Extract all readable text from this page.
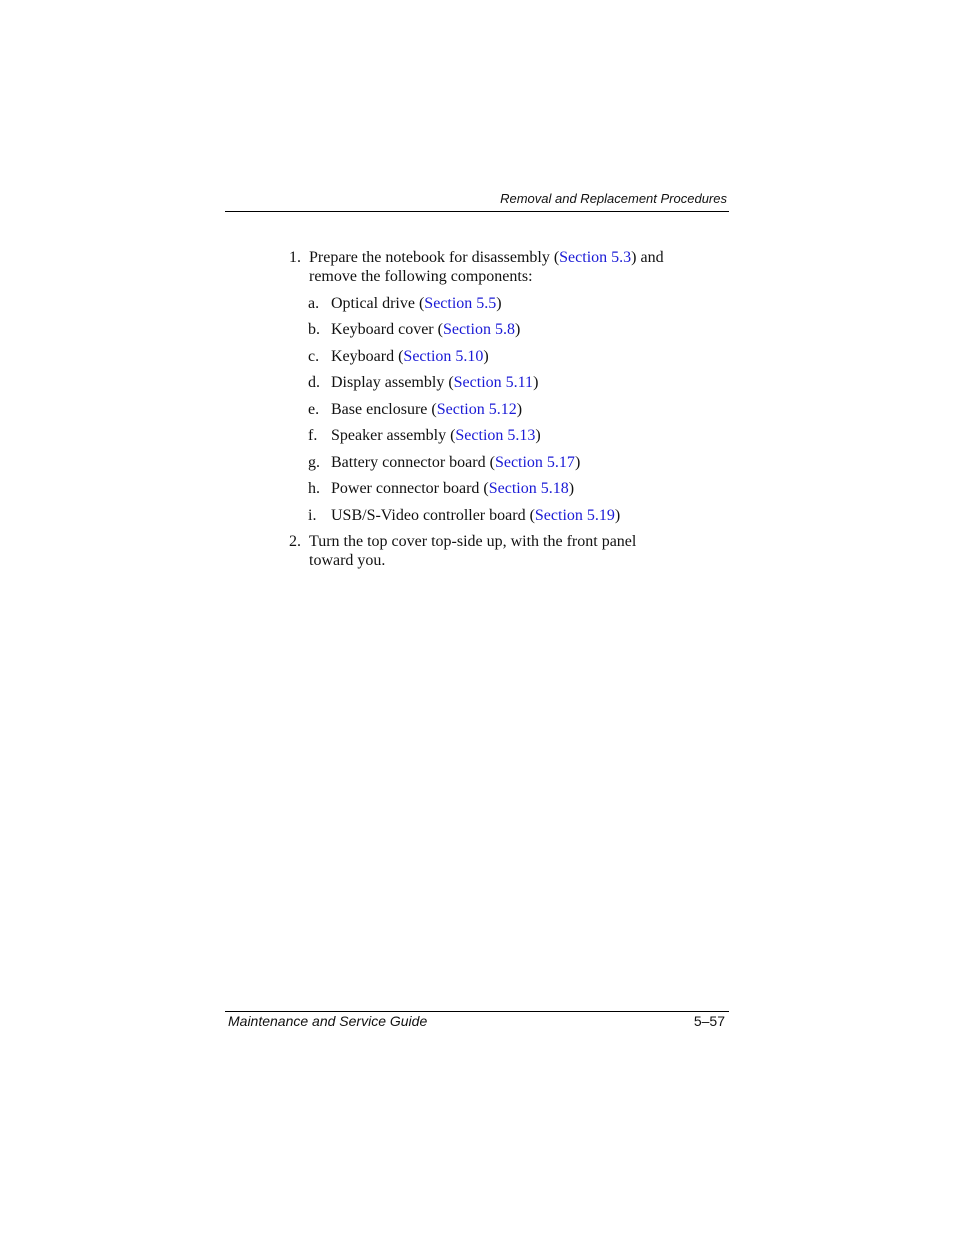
Removal and Replacement Procedures
1. Prepare the notebook for disassembly (Section 5.3) and remove the following components:
a. Optical drive (Section 5.5)
b. Keyboard cover (Section 5.8)
c. Keyboard (Section 5.10)
d. Display assembly (Section 5.11)
e. Base enclosure (Section 5.12)
f. Speaker assembly (Section 5.13)
g. Battery connector board (Section 5.17)
h. Power connector board (Section 5.18)
i. USB/S-Video controller board (Section 5.19)
2. Turn the top cover top-side up, with the front panel toward you.
Maintenance and Service Guide	5–57
